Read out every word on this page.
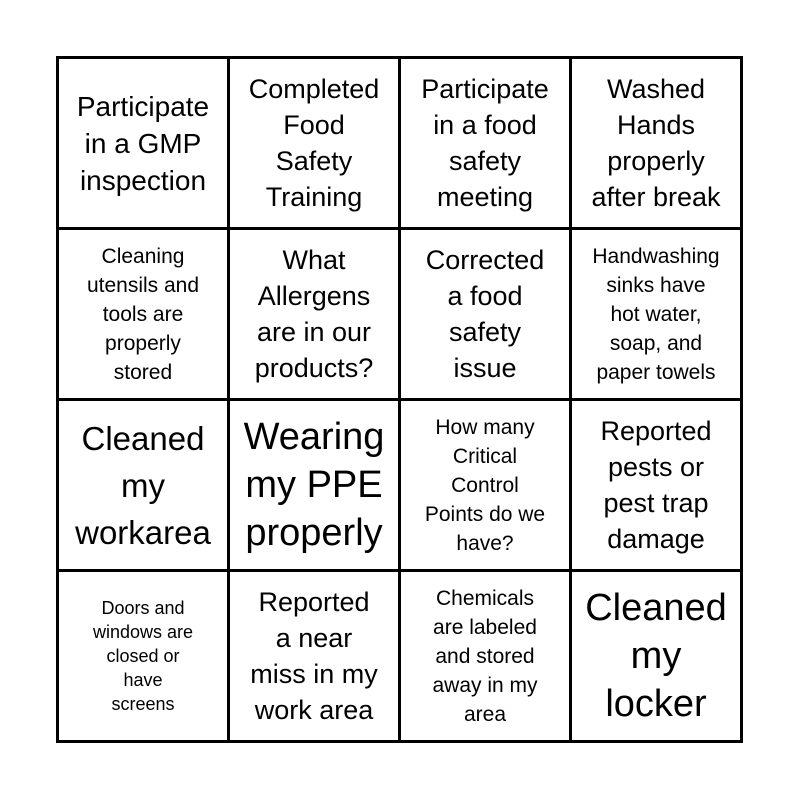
Participate
in a GMP
inspection
Completed
Food
Safety
Training
Participate
in a food
safety
meeting
Washed
Hands
properly
after break
Cleaning
utensils and
tools are
properly
stored
What
Allergens
are in our
products?
Corrected
a food
safety
issue
Handwashing
sinks have
hot water,
soap, and
paper towels
Cleaned
my
workarea
Wearing
my PPE
properly
How many
Critical
Control
Points do we
have?
Reported
pests or
pest trap
damage
Doors and
windows are
closed or
have
screens
Reported
a near
miss in my
work area
Chemicals
are labeled
and stored
away in my
area
Cleaned
my
locker
